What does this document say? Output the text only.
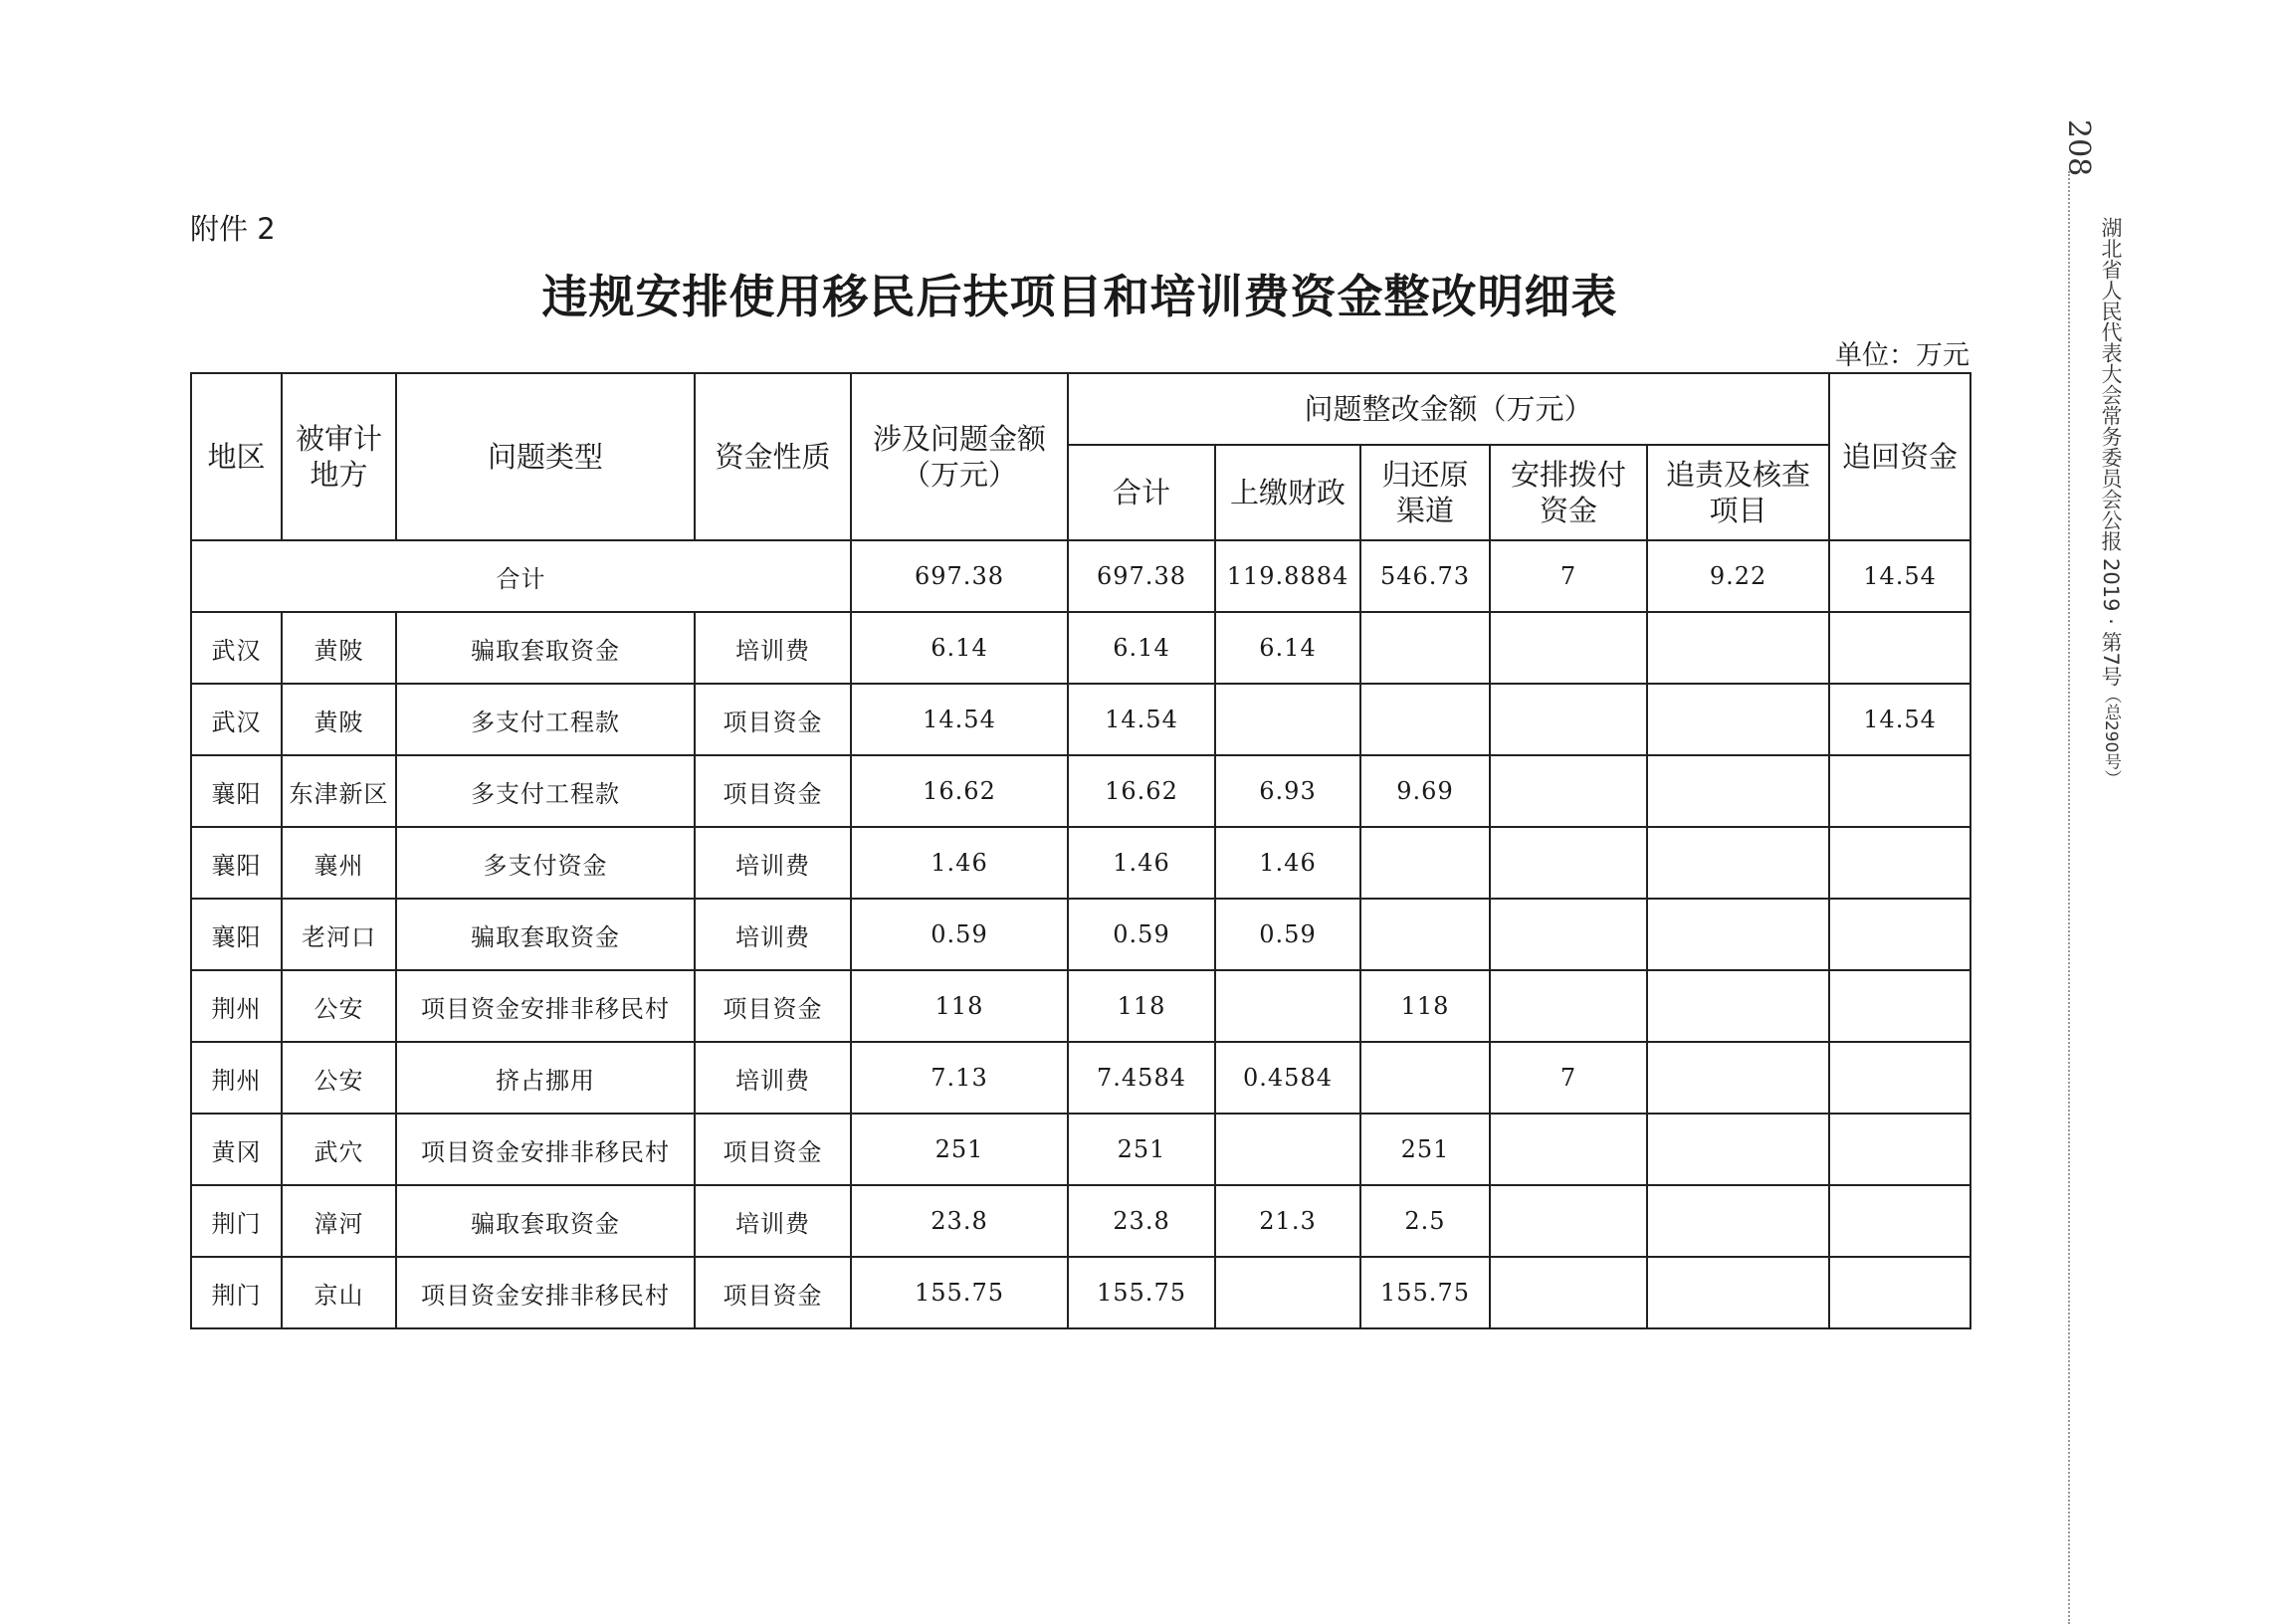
附件 2
违规安排使用移民后扶项目和培训费资金整改明细表
单位：万元
地区	被审计地方	问题类型	资金性质	涉及问题金额（万元）	问题整改金额（万元）					追回资金
					合计	上缴财政	归还原渠道	安排拨付资金	追责及核查项目	

合计				697.38	697.38	119.8884	546.73	7	9.22	14.54
武汉	黄陂	骗取套取资金	培训费	6.14	6.14	6.14				
武汉	黄陂	多支付工程款	项目资金	14.54	14.54					14.54
襄阳	东津新区	多支付工程款	项目资金	16.62	16.62	6.93	9.69			
襄阳	襄州	多支付资金	培训费	1.46	1.46	1.46				
襄阳	老河口	骗取套取资金	培训费	0.59	0.59	0.59				
荆州	公安	项目资金安排非移民村	项目资金	118	118		118			
荆州	公安	挤占挪用	培训费	7.13	7.4584	0.4584		7		
黄冈	武穴	项目资金安排非移民村	项目资金	251	251		251			
荆门	漳河	骗取套取资金	培训费	23.8	23.8	21.3	2.5			
荆门	京山	项目资金安排非移民村	项目资金	155.75	155.75		155.75			
208
湖北省人民代表大会常务委员会公报 2019 · 第7号（总290号）
